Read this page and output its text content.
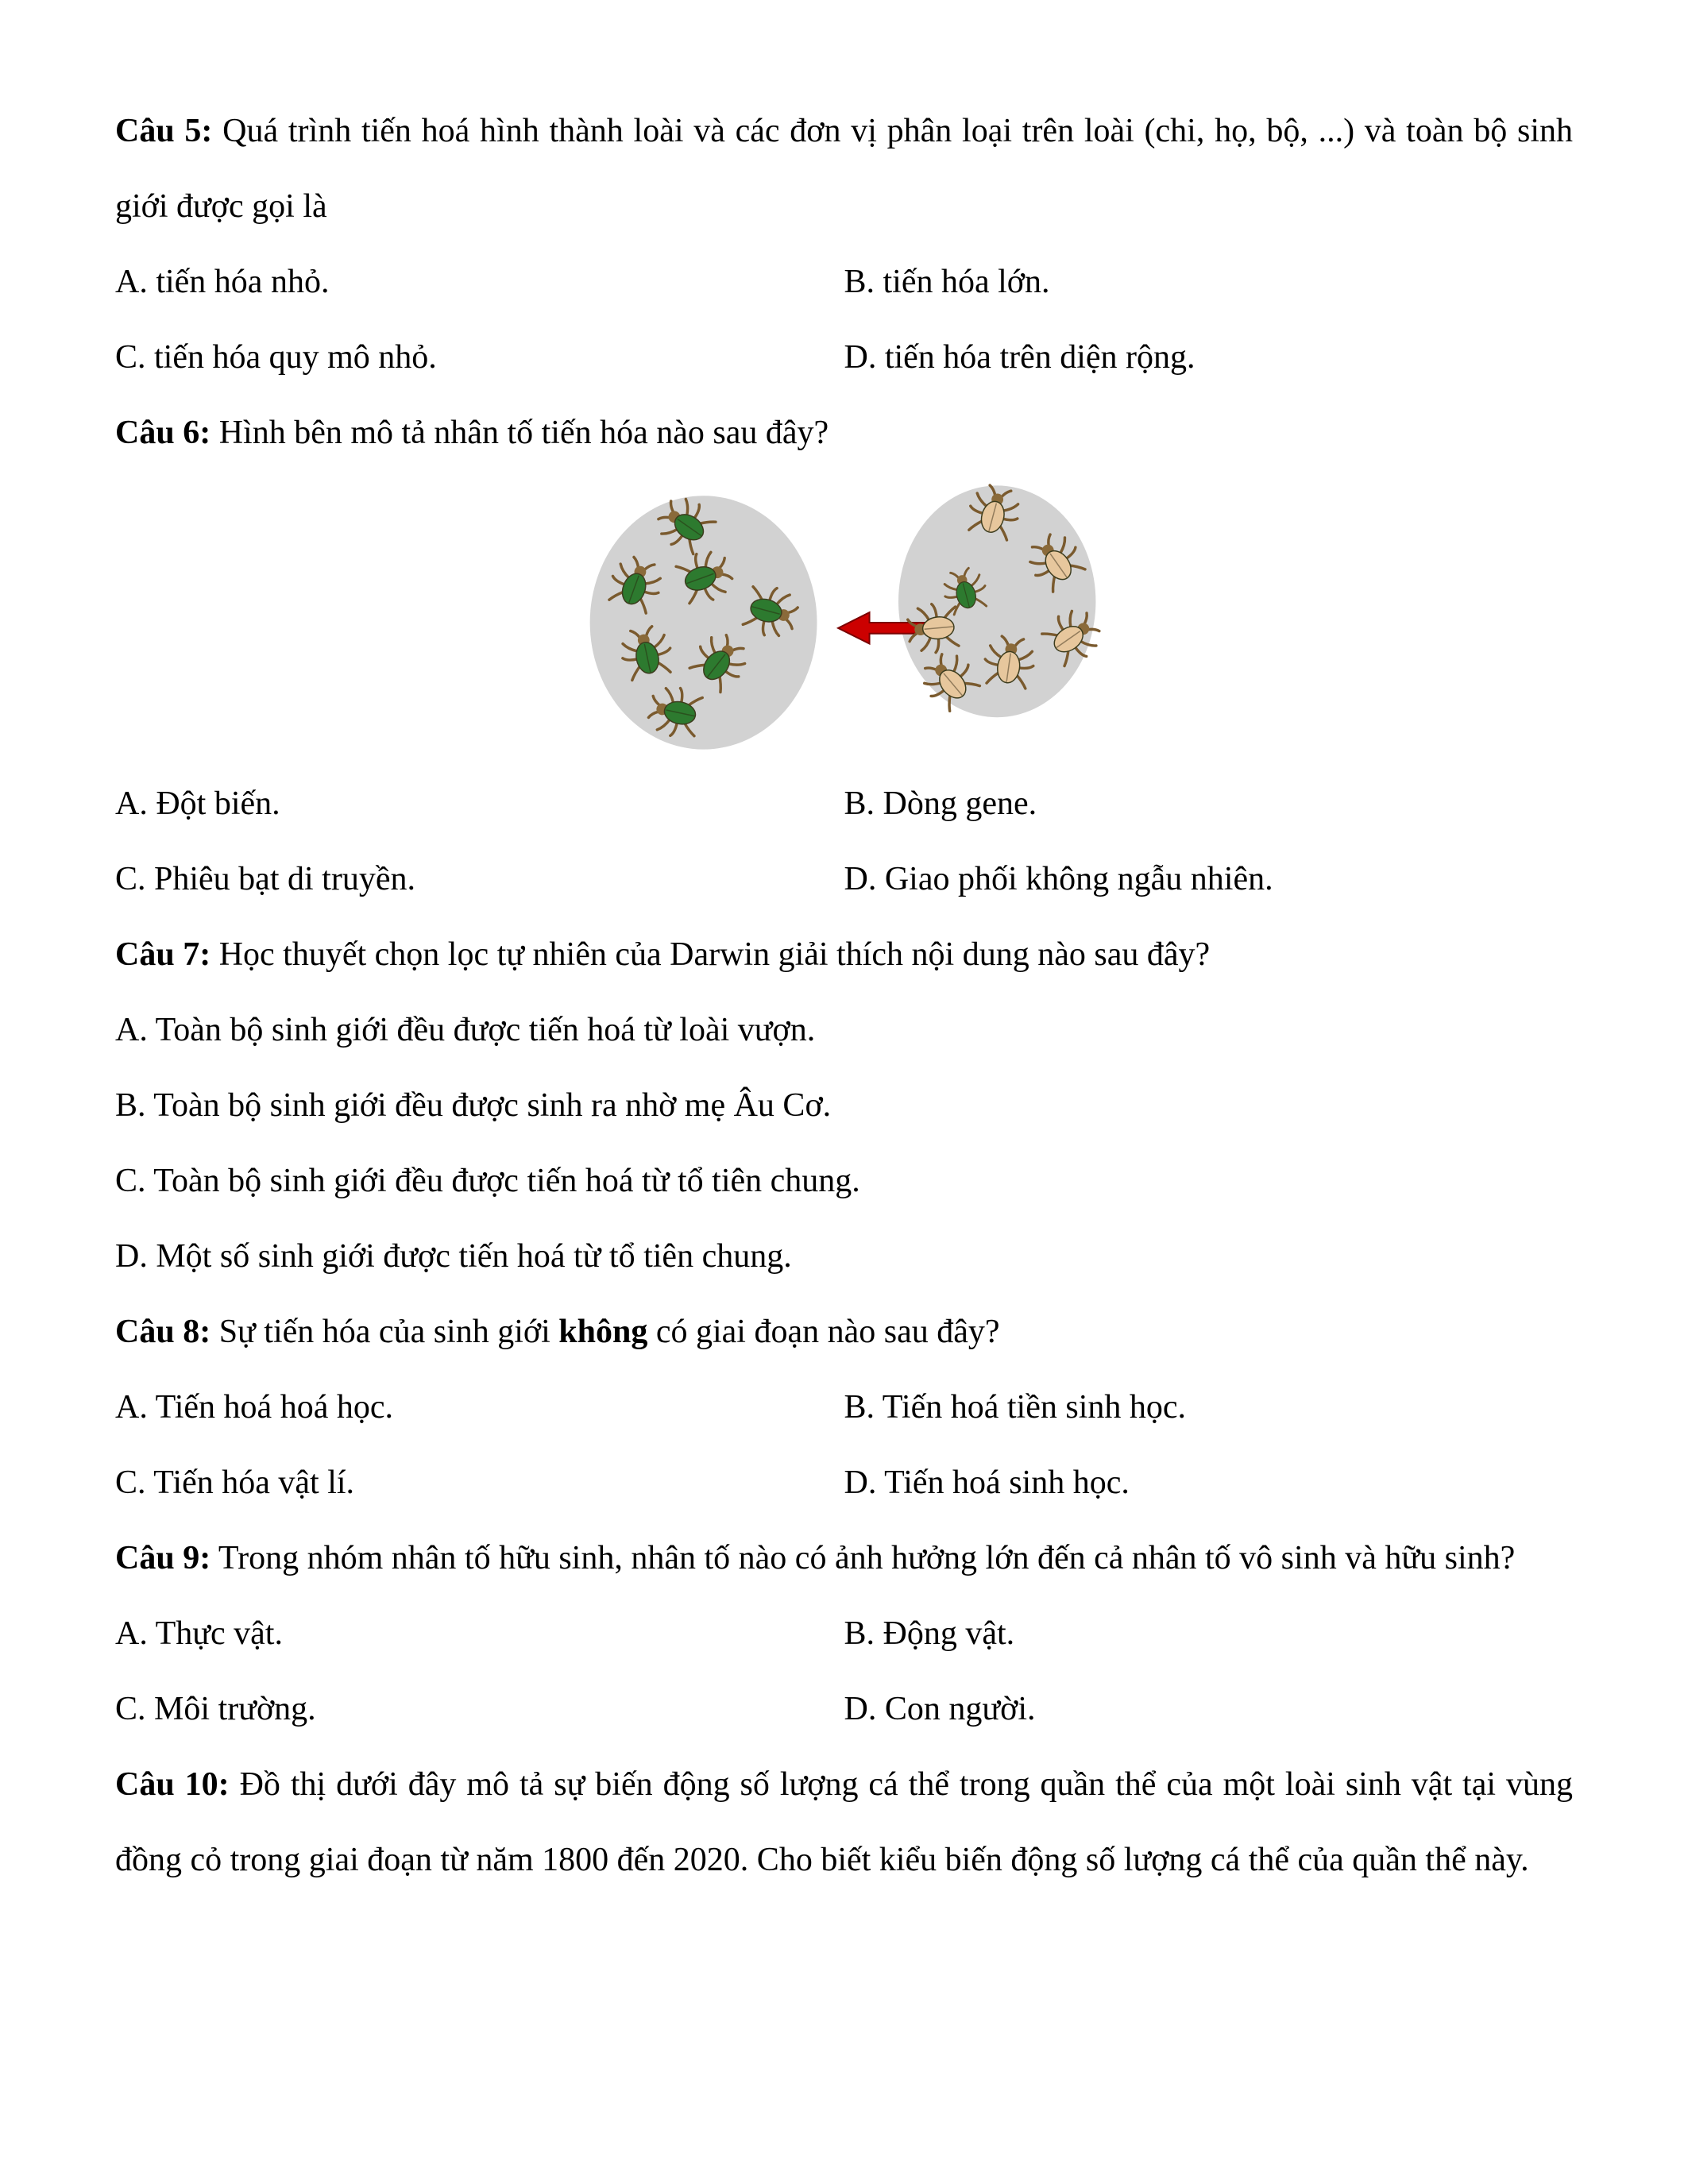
Câu 5: Quá trình tiến hoá hình thành loài và các đơn vị phân loại trên loài (chi, họ, bộ, ...) và toàn bộ sinh giới được gọi là

A. tiến hóa nhỏ.	B. tiến hóa lớn.

C. tiến hóa quy mô nhỏ.	D. tiến hóa trên diện rộng.

Câu 6: Hình bên mô tả nhân tố tiến hóa nào sau đây?

A. Đột biến.	B. Dòng gene.

C. Phiêu bạt di truyền.	D. Giao phối không ngẫu nhiên.

Câu 7: Học thuyết chọn lọc tự nhiên của Darwin giải thích nội dung nào sau đây?

A. Toàn bộ sinh giới đều được tiến hoá từ loài vượn.

B. Toàn bộ sinh giới đều được sinh ra nhờ mẹ Âu Cơ.

C. Toàn bộ sinh giới đều được tiến hoá từ tổ tiên chung.

D. Một số sinh giới được tiến hoá từ tổ tiên chung.

Câu 8: Sự tiến hóa của sinh giới không có giai đoạn nào sau đây?

A. Tiến hoá hoá học.	B. Tiến hoá tiền sinh học.

C. Tiến hóa vật lí.	D. Tiến hoá sinh học.

Câu 9: Trong nhóm nhân tố hữu sinh, nhân tố nào có ảnh hưởng lớn đến cả nhân tố vô sinh và hữu sinh?

A. Thực vật.	B. Động vật.

C. Môi trường.	D. Con người.

Câu 10: Đồ thị dưới đây mô tả sự biến động số lượng cá thể trong quần thể của một loài sinh vật tại vùng đồng cỏ trong giai đoạn từ năm 1800 đến 2020. Cho biết kiểu biến động số lượng cá thể của quần thể này.
